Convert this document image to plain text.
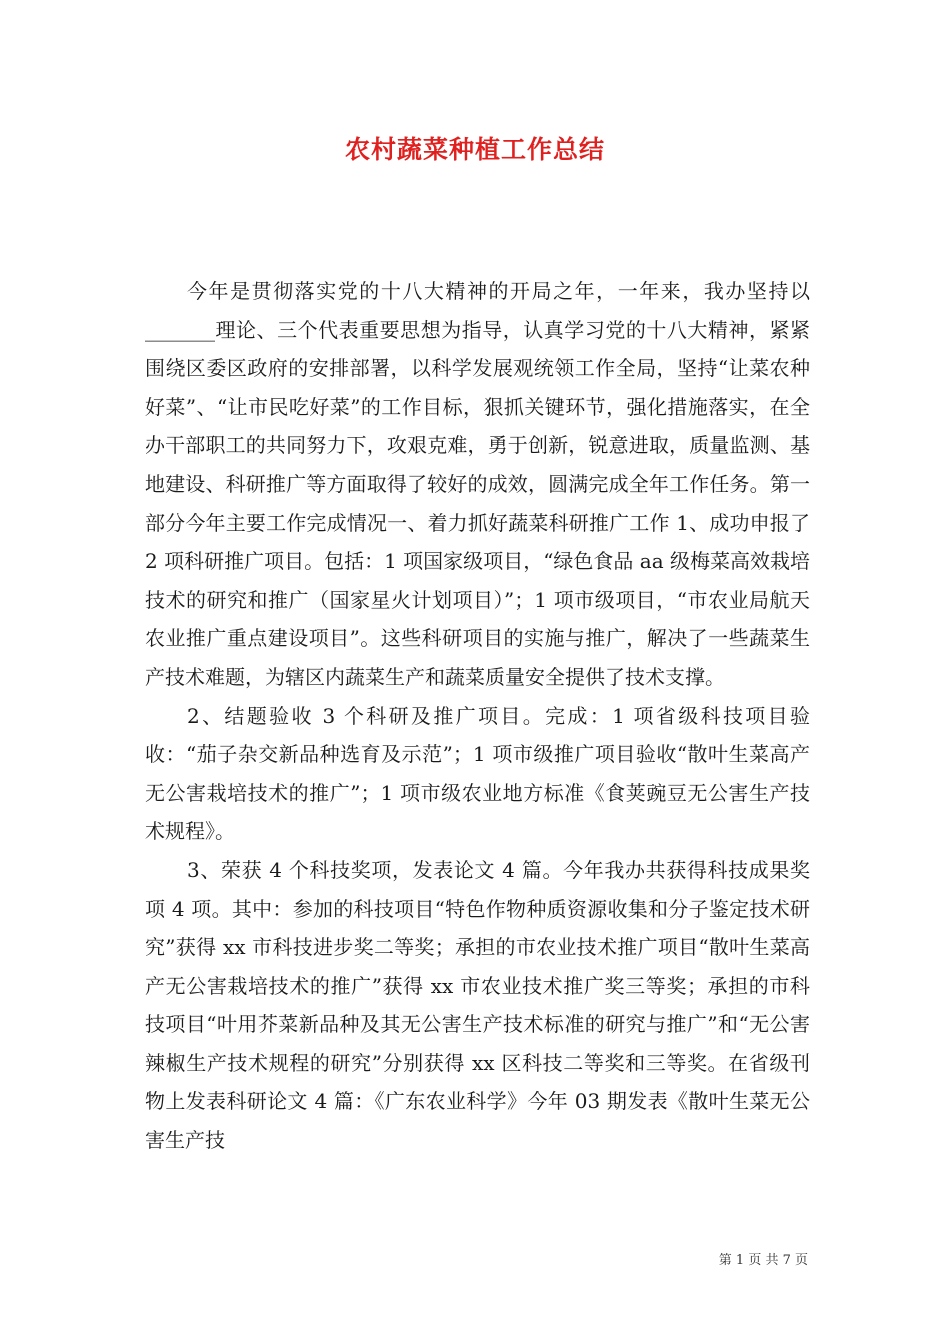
农村蔬菜种植工作总结

今年是贯彻落实党的十八大精神的开局之年，一年来，我办坚持以_______理论、三个代表重要思想为指导，认真学习党的十八大精神，紧紧围绕区委区政府的安排部署，以科学发展观统领工作全局，坚持“让菜农种好菜”、“让市民吃好菜”的工作目标，狠抓关键环节，强化措施落实，在全办干部职工的共同努力下，攻艰克难，勇于创新，锐意进取，质量监测、基地建设、科研推广等方面取得了较好的成效，圆满完成全年工作任务。第一部分今年主要工作完成情况一、着力抓好蔬菜科研推广工作 1、成功申报了 2 项科研推广项目。包括：1 项国家级项目，“绿色食品 aa 级梅菜高效栽培技术的研究和推广（国家星火计划项目）”；1 项市级项目，“市农业局航天农业推广重点建设项目”。这些科研项目的实施与推广，解决了一些蔬菜生产技术难题，为辖区内蔬菜生产和蔬菜质量安全提供了技术支撑。

2、结题验收 3 个科研及推广项目。完成：1 项省级科技项目验收：“茄子杂交新品种选育及示范”；1 项市级推广项目验收“散叶生菜高产无公害栽培技术的推广”；1 项市级农业地方标准《食荚豌豆无公害生产技术规程》。

3、荣获 4 个科技奖项，发表论文 4 篇。今年我办共获得科技成果奖项 4 项。其中：参加的科技项目“特色作物种质资源收集和分子鉴定技术研究”获得 xx 市科技进步奖二等奖；承担的市农业技术推广项目“散叶生菜高产无公害栽培技术的推广”获得 xx 市农业技术推广奖三等奖；承担的市科技项目“叶用芥菜新品种及其无公害生产技术标准的研究与推广”和“无公害辣椒生产技术规程的研究”分别获得 xx 区科技二等奖和三等奖。在省级刊物上发表科研论文 4 篇：《广东农业科学》今年 03 期发表《散叶生菜无公害生产技

第 1 页 共 7 页
